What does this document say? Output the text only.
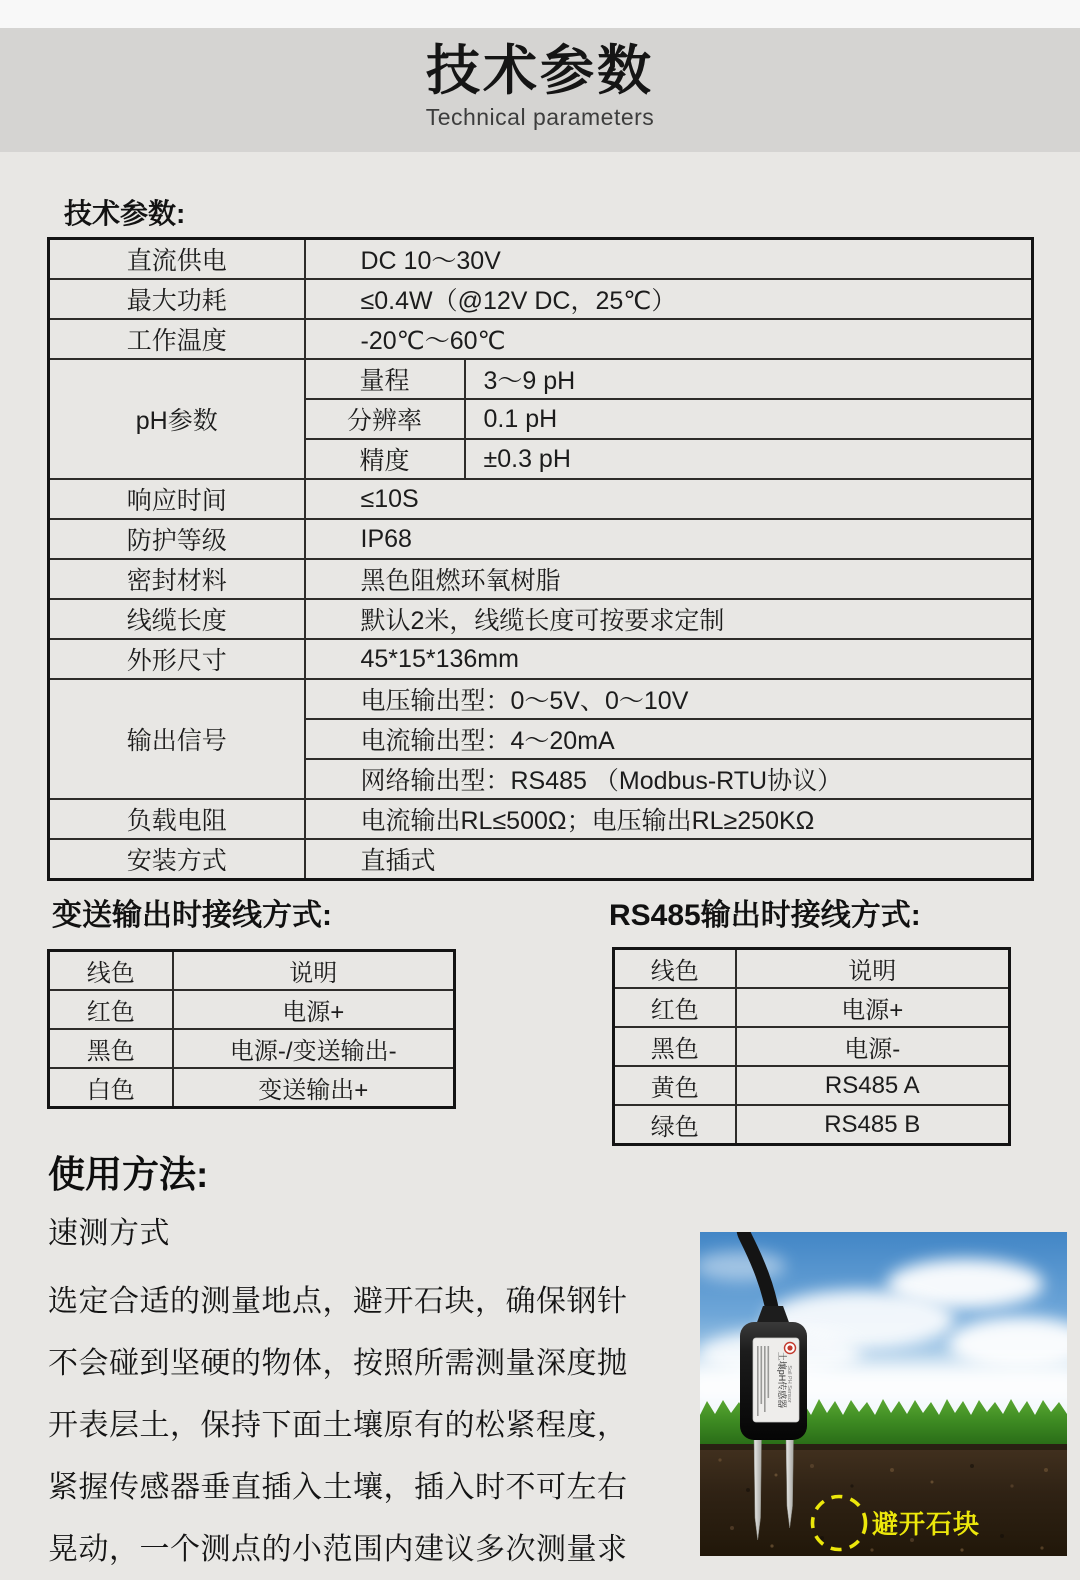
技术参数
Technical parameters
技术参数:
直流供电	DC 10～30V	
最大功耗	≤0.4W（@12V DC，25℃）	
工作温度	-20℃～60℃	
pH参数	量程	3～9 pH
	分辨率	0.1 pH
	精度	±0.3 pH
响应时间	≤10S	
防护等级	IP68	
密封材料	黑色阻燃环氧树脂	
线缆长度	默认2米，线缆长度可按要求定制	
外形尺寸	45*15*136mm	
输出信号	电压输出型：0～5V、0～10V	
	电流输出型：4～20mA	
	网络输出型：RS485 （Modbus-RTU协议）	
负载电阻	电流输出RL≤500Ω；电压输出RL≥250KΩ	
安装方式	直插式	
变送输出时接线方式:	RS485输出时接线方式:
线色	说明
红色	电源+
黑色	电源-/变送输出-
白色	变送输出+
线色	说明
红色	电源+
黑色	电源-
黄色	RS485 A
绿色	RS485 B
使用方法:
速测方式
选定合适的测量地点，避开石块，确保钢针
不会碰到坚硬的物体，按照所需测量深度抛
开表层土，保持下面土壤原有的松紧程度，
紧握传感器垂直插入土壤，插入时不可左右
晃动，一个测点的小范围内建议多次测量求
土壤pH传感器 Soil PH Sensor
避开石块
